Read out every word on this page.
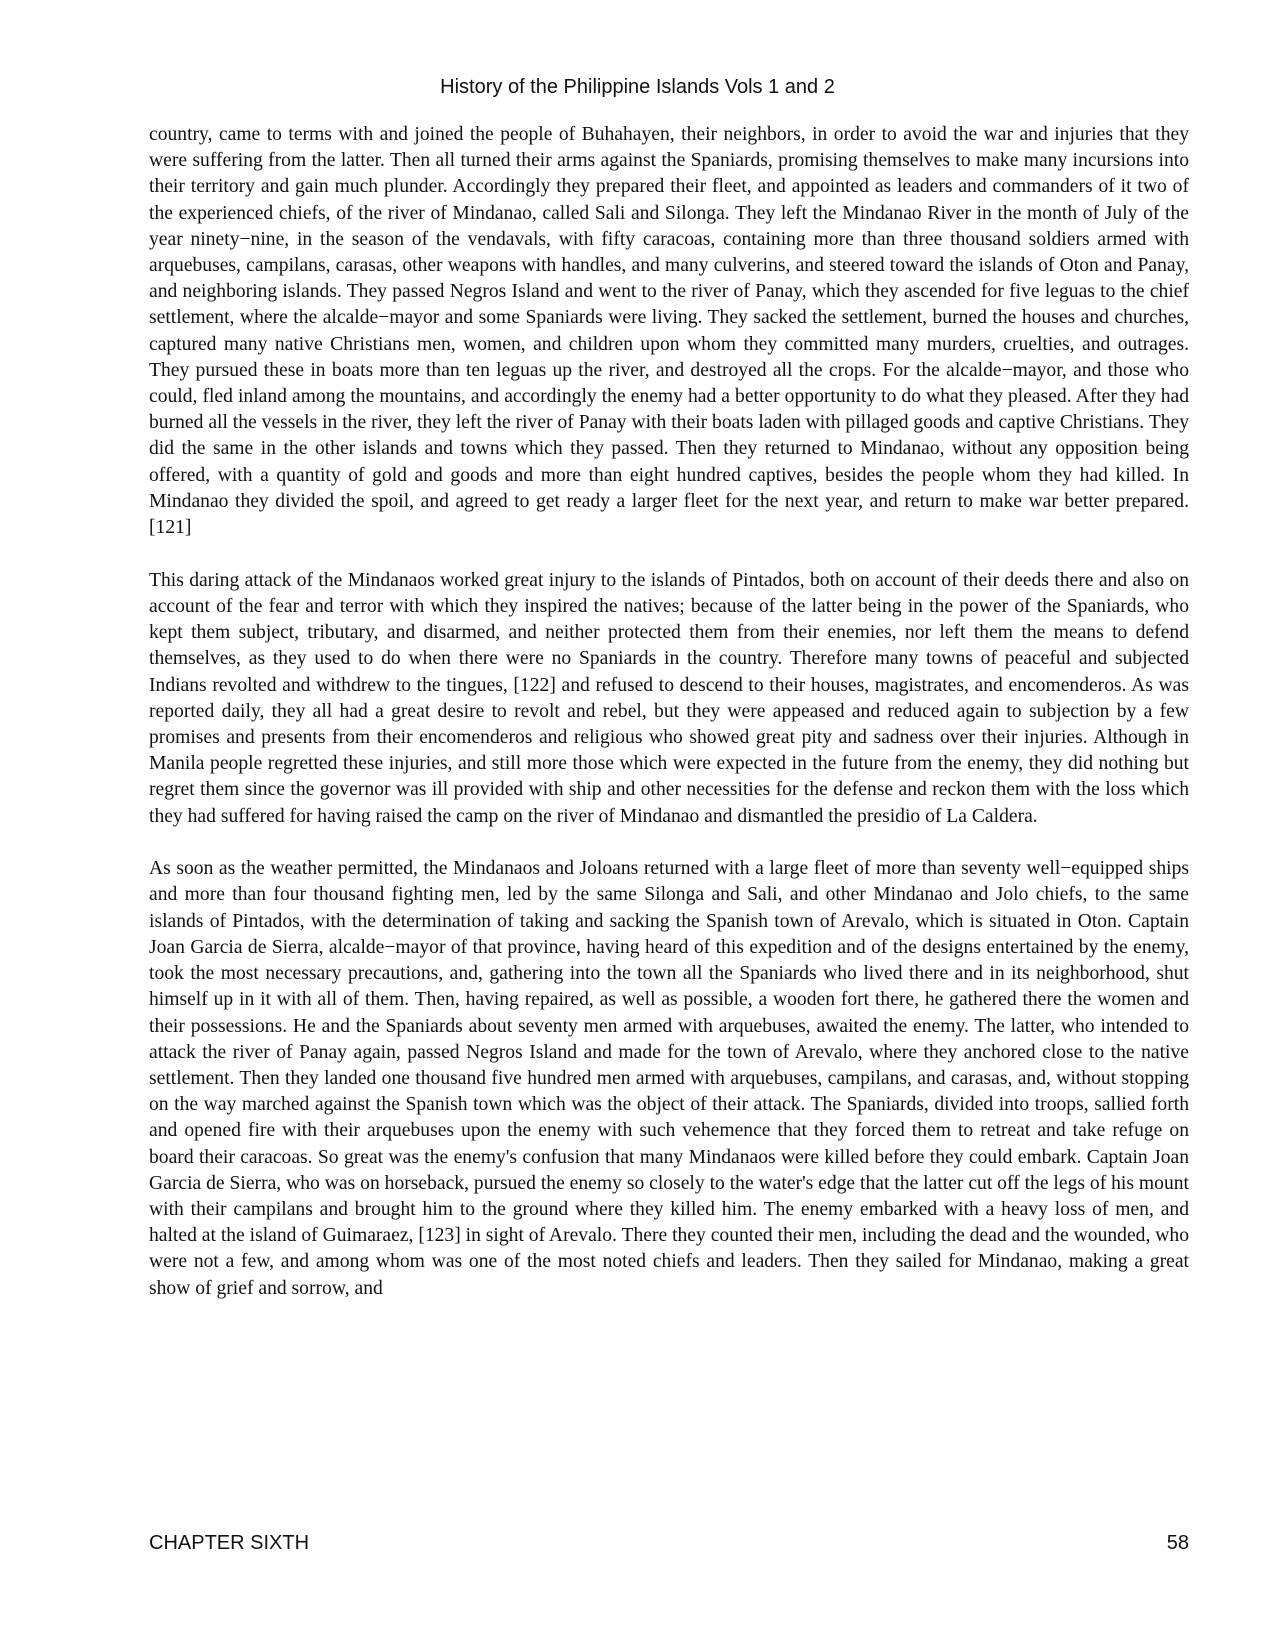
History of the Philippine Islands Vols 1 and 2

country, came to terms with and joined the people of Buhahayen, their neighbors, in order to avoid the war and injuries that they were suffering from the latter. Then all turned their arms against the Spaniards, promising themselves to make many incursions into their territory and gain much plunder. Accordingly they prepared their fleet, and appointed as leaders and commanders of it two of the experienced chiefs, of the river of Mindanao, called Sali and Silonga. They left the Mindanao River in the month of July of the year ninety−nine, in the season of the vendavals, with fifty caracoas, containing more than three thousand soldiers armed with arquebuses, campilans, carasas, other weapons with handles, and many culverins, and steered toward the islands of Oton and Panay, and neighboring islands. They passed Negros Island and went to the river of Panay, which they ascended for five leguas to the chief settlement, where the alcalde−mayor and some Spaniards were living. They sacked the settlement, burned the houses and churches, captured many native Christians men, women, and children upon whom they committed many murders, cruelties, and outrages. They pursued these in boats more than ten leguas up the river, and destroyed all the crops. For the alcalde−mayor, and those who could, fled inland among the mountains, and accordingly the enemy had a better opportunity to do what they pleased. After they had burned all the vessels in the river, they left the river of Panay with their boats laden with pillaged goods and captive Christians. They did the same in the other islands and towns which they passed. Then they returned to Mindanao, without any opposition being offered, with a quantity of gold and goods and more than eight hundred captives, besides the people whom they had killed. In Mindanao they divided the spoil, and agreed to get ready a larger fleet for the next year, and return to make war better prepared. [121]

This daring attack of the Mindanaos worked great injury to the islands of Pintados, both on account of their deeds there and also on account of the fear and terror with which they inspired the natives; because of the latter being in the power of the Spaniards, who kept them subject, tributary, and disarmed, and neither protected them from their enemies, nor left them the means to defend themselves, as they used to do when there were no Spaniards in the country. Therefore many towns of peaceful and subjected Indians revolted and withdrew to the tingues, [122] and refused to descend to their houses, magistrates, and encomenderos. As was reported daily, they all had a great desire to revolt and rebel, but they were appeased and reduced again to subjection by a few promises and presents from their encomenderos and religious who showed great pity and sadness over their injuries. Although in Manila people regretted these injuries, and still more those which were expected in the future from the enemy, they did nothing but regret them since the governor was ill provided with ship and other necessities for the defense and reckon them with the loss which they had suffered for having raised the camp on the river of Mindanao and dismantled the presidio of La Caldera.

As soon as the weather permitted, the Mindanaos and Joloans returned with a large fleet of more than seventy well−equipped ships and more than four thousand fighting men, led by the same Silonga and Sali, and other Mindanao and Jolo chiefs, to the same islands of Pintados, with the determination of taking and sacking the Spanish town of Arevalo, which is situated in Oton. Captain Joan Garcia de Sierra, alcalde−mayor of that province, having heard of this expedition and of the designs entertained by the enemy, took the most necessary precautions, and, gathering into the town all the Spaniards who lived there and in its neighborhood, shut himself up in it with all of them. Then, having repaired, as well as possible, a wooden fort there, he gathered there the women and their possessions. He and the Spaniards about seventy men armed with arquebuses, awaited the enemy. The latter, who intended to attack the river of Panay again, passed Negros Island and made for the town of Arevalo, where they anchored close to the native settlement. Then they landed one thousand five hundred men armed with arquebuses, campilans, and carasas, and, without stopping on the way marched against the Spanish town which was the object of their attack. The Spaniards, divided into troops, sallied forth and opened fire with their arquebuses upon the enemy with such vehemence that they forced them to retreat and take refuge on board their caracoas. So great was the enemy's confusion that many Mindanaos were killed before they could embark. Captain Joan Garcia de Sierra, who was on horseback, pursued the enemy so closely to the water's edge that the latter cut off the legs of his mount with their campilans and brought him to the ground where they killed him. The enemy embarked with a heavy loss of men, and halted at the island of Guimaraez, [123] in sight of Arevalo. There they counted their men, including the dead and the wounded, who were not a few, and among whom was one of the most noted chiefs and leaders. Then they sailed for Mindanao, making a great show of grief and sorrow, and

CHAPTER SIXTH	58
